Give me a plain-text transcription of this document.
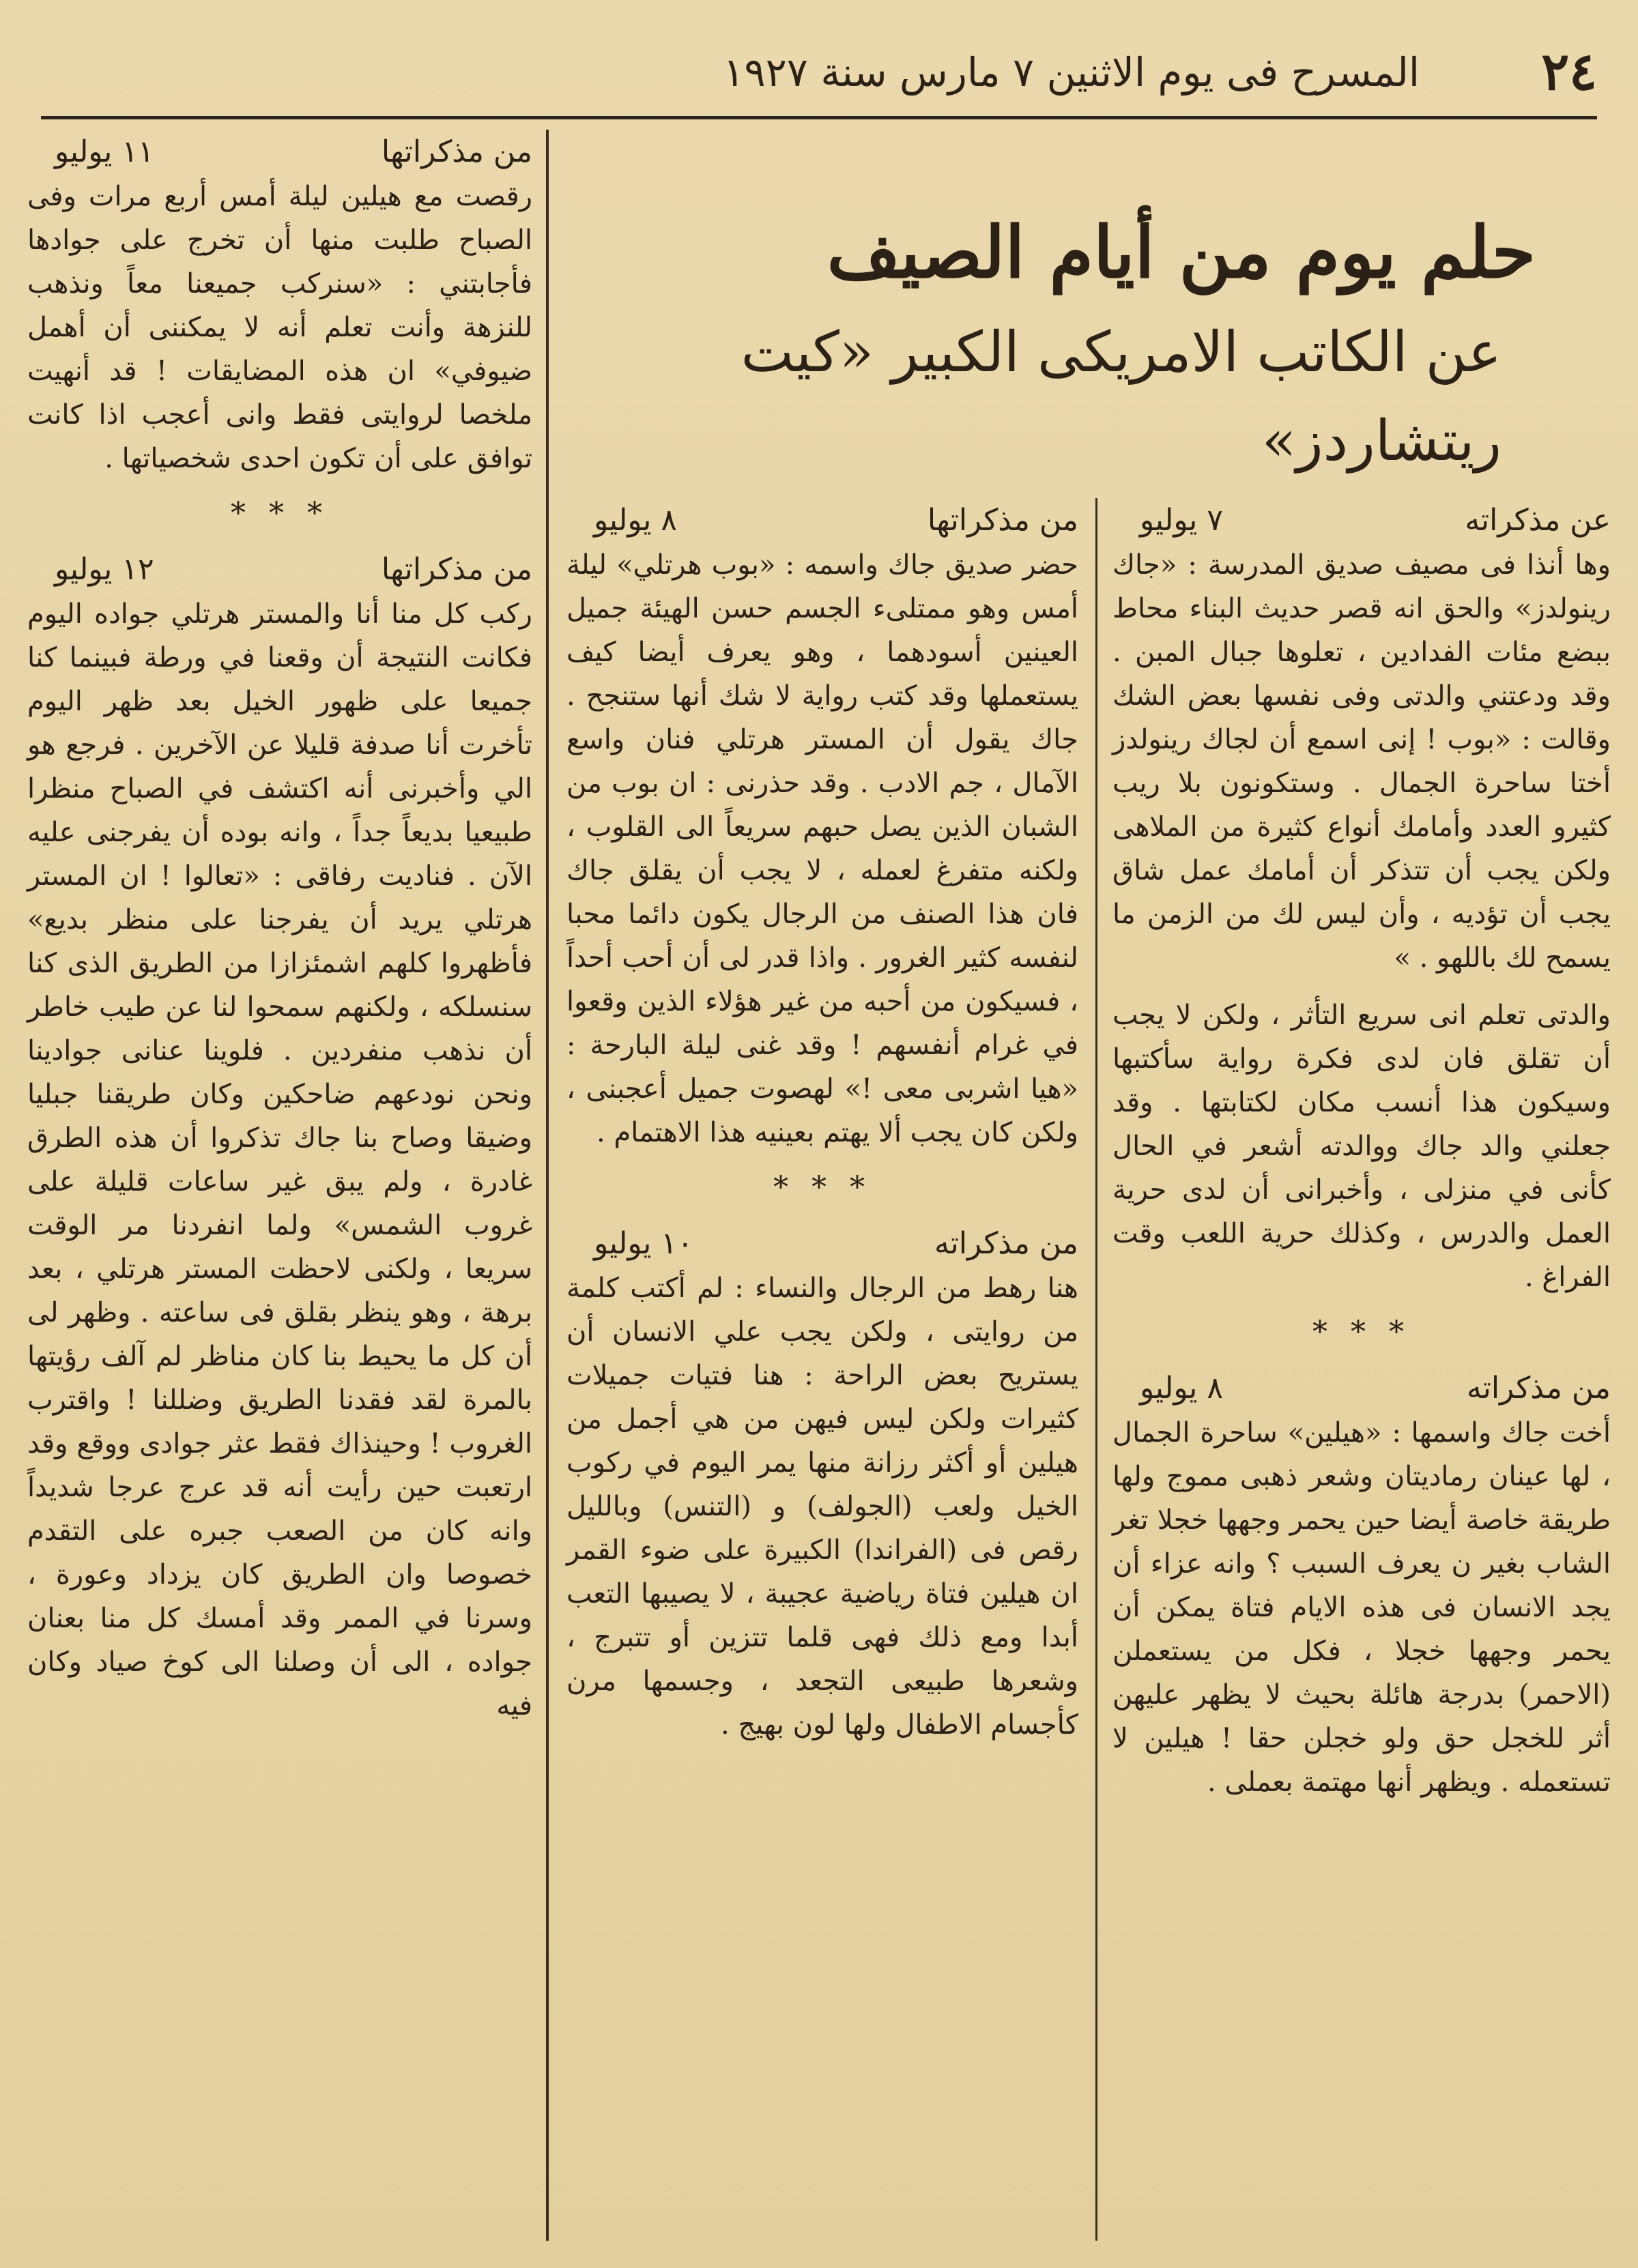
٢٤
المسرح فى يوم الاثنين ٧ مارس سنة ١٩٢٧
حلم يوم من أيام الصيف
عن الكاتب الامريكى الكبير «كيت ريتشاردز»
عن مذكراته
٧ يوليو

وها أنذا فى مصيف صديق المدرسة : «جاك رينولدز» والحق انه قصر حديث البناء محاط ببضع مئات الفدادين ، تعلوها جبال المبن . وقد ودعتني والدتى وفى نفسها بعض الشك وقالت : «بوب ! إنى اسمع أن لجاك رينولدز أختا ساحرة الجمال . وستكونون بلا ريب كثيرو العدد وأمامك أنواع كثيرة من الملاهى ولكن يجب أن تتذكر أن أمامك عمل شاق يجب أن تؤديه ، وأن ليس لك من الزمن ما يسمح لك باللهو . »

والدتى تعلم انى سريع التأثر ، ولكن لا يجب أن تقلق فان لدى فكرة رواية سأكتبها وسيكون هذا أنسب مكان لكتابتها . وقد جعلني والد جاك ووالدته أشعر في الحال كأنى في منزلى ، وأخبرانى أن لدى حرية العمل والدرس ، وكذلك حرية اللعب وقت الفراغ .

* * *
من مذكراته
٨ يوليو

أخت جاك واسمها : «هيلين» ساحرة الجمال ، لها عينان رماديتان وشعر ذهبى مموج ولها طريقة خاصة أيضا حين يحمر وجهها خجلا تغر الشاب بغير ن يعرف السبب ؟ وانه عزاء أن يجد الانسان فى هذه الايام فتاة يمكن أن يحمر وجهها خجلا ، فكل من يستعملن (الاحمر) بدرجة هائلة بحيث لا يظهر عليهن أثر للخجل حق ولو خجلن حقا ! هيلين لا تستعمله . ويظهر أنها مهتمة بعملى .

من مذكراتها
٨ يوليو

حضر صديق جاك واسمه : «بوب هرتلي» ليلة أمس وهو ممتلىء الجسم حسن الهيئة جميل العينين أسودهما ، وهو يعرف أيضا كيف يستعملها وقد كتب رواية لا شك أنها ستنجح . جاك يقول أن المستر هرتلي فنان واسع الآمال ، جم الادب . وقد حذرنى : ان بوب من الشبان الذين يصل حبهم سريعاً الى القلوب ، ولكنه متفرغ لعمله ، لا يجب أن يقلق جاك فان هذا الصنف من الرجال يكون دائما محبا لنفسه كثير الغرور . واذا قدر لى أن أحب أحداً ، فسيكون من أحبه من غير هؤلاء الذين وقعوا في غرام أنفسهم ! وقد غنى ليلة البارحة : «هيا اشربى معى !» لهصوت جميل أعجبنى ، ولكن كان يجب ألا يهتم بعينيه هذا الاهتمام .

* * *
من مذكراته
١٠ يوليو

هنا رهط من الرجال والنساء : لم أكتب كلمة من روايتى ، ولكن يجب علي الانسان أن يستريح بعض الراحة : هنا فتيات جميلات كثيرات ولكن ليس فيهن من هي أجمل من هيلين أو أكثر رزانة منها يمر اليوم في ركوب الخيل ولعب (الجولف) و (التنس) وبالليل رقص فى (الفراندا) الكبيرة على ضوء القمر ان هيلين فتاة رياضية عجيبة ، لا يصيبها التعب أبدا ومع ذلك فهى قلما تتزين أو تتبرج ، وشعرها طبيعى التجعد ، وجسمها مرن كأجسام الاطفال ولها لون بهيج .

من مذكراتها
١١ يوليو

رقصت مع هيلين ليلة أمس أربع مرات وفى الصباح طلبت منها أن تخرج على جوادها فأجابتني : «سنركب جميعنا معاً ونذهب للنزهة وأنت تعلم أنه لا يمكننى أن أهمل ضيوفي» ان هذه المضايقات ! قد أنهيت ملخصا لروايتى فقط وانى أعجب اذا كانت توافق على أن تكون احدى شخصياتها .

* * *
من مذكراتها
١٢ يوليو

ركب كل منا أنا والمستر هرتلي جواده اليوم فكانت النتيجة أن وقعنا في ورطة فبينما كنا جميعا على ظهور الخيل بعد ظهر اليوم تأخرت أنا صدفة قليلا عن الآخرين . فرجع هو الي وأخبرنى أنه اكتشف في الصباح منظرا طبيعيا بديعاً جداً ، وانه بوده أن يفرجنى عليه الآن . فناديت رفاقى : «تعالوا ! ان المستر هرتلي يريد أن يفرجنا على منظر بديع» فأظهروا كلهم اشمئزازا من الطريق الذى كنا سنسلكه ، ولكنهم سمحوا لنا عن طيب خاطر أن نذهب منفردين . فلوينا عنانى جوادينا ونحن نودعهم ضاحكين وكان طريقنا جبليا وضيقا وصاح بنا جاك تذكروا أن هذه الطرق غادرة ، ولم يبق غير ساعات قليلة على غروب الشمس» ولما انفردنا مر الوقت سريعا ، ولكنى لاحظت المستر هرتلي ، بعد برهة ، وهو ينظر بقلق فى ساعته . وظهر لى أن كل ما يحيط بنا كان مناظر لم آلف رؤيتها بالمرة لقد فقدنا الطريق وضللنا ! واقترب الغروب ! وحينذاك فقط عثر جوادى ووقع وقد ارتعبت حين رأيت أنه قد عرج عرجا شديداً وانه كان من الصعب جبره على التقدم خصوصا وان الطريق كان يزداد وعورة ، وسرنا في الممر وقد أمسك كل منا بعنان جواده ، الى أن وصلنا الى كوخ صياد وكان فيه
